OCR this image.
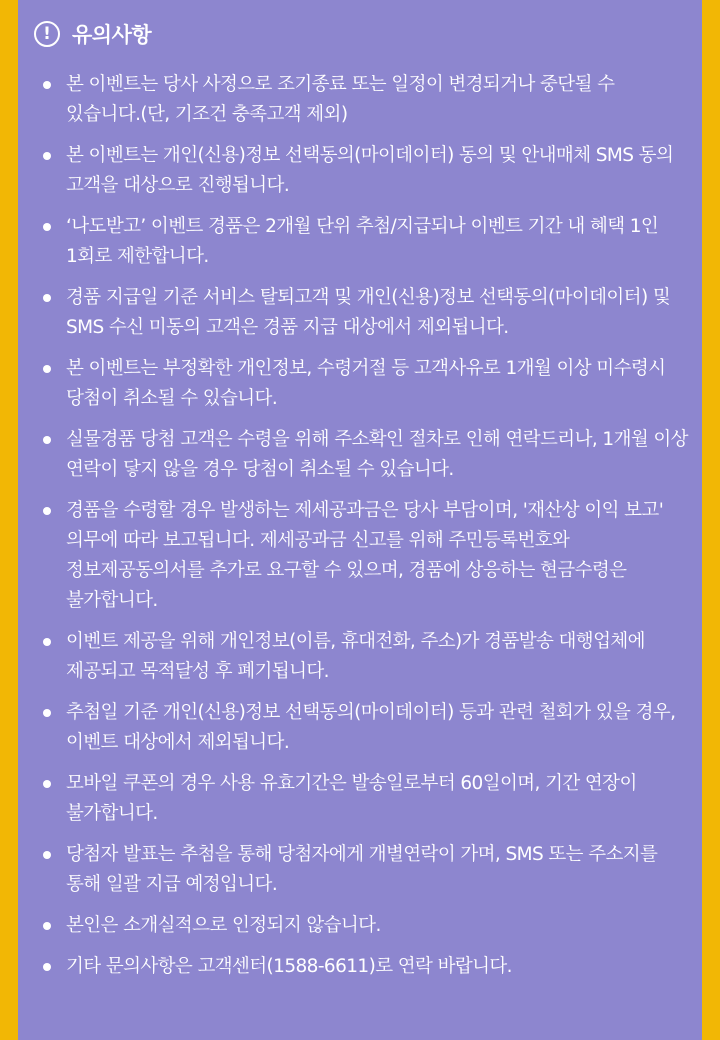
!	유의사항
본 이벤트는 당사 사정으로 조기종료 또는 일정이 변경되거나 중단될 수 있습니다.(단, 기조건 충족고객 제외)
본 이벤트는 개인(신용)정보 선택동의(마이데이터) 동의 및 안내매체 SMS 동의 고객을 대상으로 진행됩니다.
‘나도받고’ 이벤트 경품은 2개월 단위 추첨/지급되나 이벤트 기간 내 혜택 1인 1회로 제한합니다.
경품 지급일 기준 서비스 탈퇴고객 및 개인(신용)정보 선택동의(마이데이터) 및 SMS 수신 미동의 고객은 경품 지급 대상에서 제외됩니다.
본 이벤트는 부정확한 개인정보, 수령거절 등 고객사유로 1개월 이상 미수령시 당첨이 취소될 수 있습니다.
실물경품 당첨 고객은 수령을 위해 주소확인 절차로 인해 연락드리나, 1개월 이상 연락이 닿지 않을 경우 당첨이 취소될 수 있습니다.
경품을 수령할 경우 발생하는 제세공과금은 당사 부담이며, '재산상 이익 보고' 의무에 따라 보고됩니다. 제세공과금 신고를 위해 주민등록번호와 정보제공동의서를 추가로 요구할 수 있으며, 경품에 상응하는 현금수령은 불가합니다.
이벤트 제공을 위해 개인정보(이름, 휴대전화, 주소)가 경품발송 대행업체에 제공되고 목적달성 후 폐기됩니다.
추첨일 기준 개인(신용)정보 선택동의(마이데이터) 등과 관련 철회가 있을 경우, 이벤트 대상에서 제외됩니다.
모바일 쿠폰의 경우 사용 유효기간은 발송일로부터 60일이며, 기간 연장이 불가합니다.
당첨자 발표는 추첨을 통해 당첨자에게 개별연락이 가며, SMS 또는 주소지를 통해 일괄 지급 예정입니다.
본인은 소개실적으로 인정되지 않습니다.
기타 문의사항은 고객센터(1588-6611)로 연락 바랍니다.
